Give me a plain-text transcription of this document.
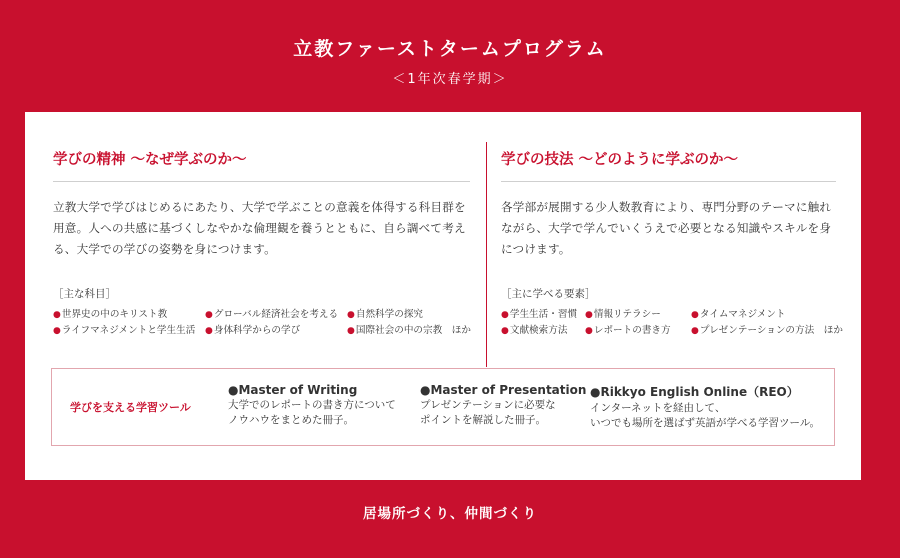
立教ファーストタームプログラム
＜1年次春学期＞
学びの精神 ～なぜ学ぶのか～
立教大学で学びはじめるにあたり、大学で学ぶことの意義を体得する科目群を用意。人への共感に基づくしなやかな倫理観を養うとともに、自ら調べて考える、大学での学びの姿勢を身につけます。
［主な科目］
●世界史の中のキリスト教	●グローバル経済社会を考える ●自然科学の探究
●ライフマネジメントと学生生活 ●身体科学からの学び	●国際社会の中の宗教　ほか
学びの技法 ～どのように学ぶのか～
各学部が展開する少人数教育により、専門分野のテーマに触れながら、大学で学んでいくうえで必要となる知識やスキルを身につけます。
［主に学べる要素］
●学生生活・習慣 ●情報リテラシー	●タイムマネジメント
●文献検索方法 ●レポートの書き方 ●プレゼンテーションの方法　ほか
学びを支える学習ツール
●Master of Writing
大学でのレポートの書き方について
ノウハウをまとめた冊子。
●Master of Presentation
プレゼンテーションに必要な
ポイントを解説した冊子。
●Rikkyo English Online（REO）
インターネットを経由して、
いつでも場所を選ばず英語が学べる学習ツール。
居場所づくり、仲間づくり
